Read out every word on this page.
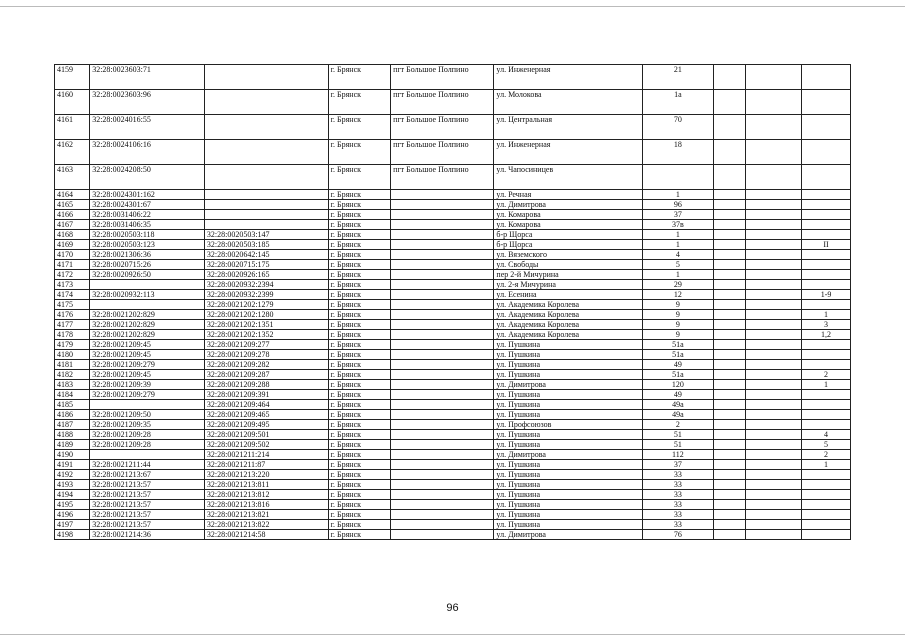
4159	32:28:0023603:71		г. Брянск	пгт Большое Полпино	ул. Инженерная	21			
4160	32:28:0023603:96		г. Брянск	пгт Большое Полпино	ул. Молокова	1а			
4161	32:28:0024016:55		г. Брянск	пгт Большое Полпино	ул. Центральная	70			
4162	32:28:0024106:16		г. Брянск	пгт Большое Полпино	ул. Инженерная	18			
4163	32:28:0024208:50		г. Брянск	пгт Большое Полпино	ул. Чапосиницев				
4164	32:28:0024301:162		г. Брянск		ул. Речная	1			
4165	32:28:0024301:67		г. Брянск		ул. Димитрова	96			
4166	32:28:0031406:22		г. Брянск		ул. Комарова	37			
4167	32:28:0031406:35		г. Брянск		ул. Комарова	37в			
4168	32:28:0020503:118	32:28:0020503:147	г. Брянск		б-р Щорса	1			
4169	32:28:0020503:123	32:28:0020503:185	г. Брянск		б-р Щорса	1			II
4170	32:28:0021306:36	32:28:0020642:145	г. Брянск		ул. Вяземского	4			
4171	32:28:0020715:26	32:28:0020715:175	г. Брянск		ул. Свободы	5			
4172	32:28:0020926:50	32:28:0020926:165	г. Брянск		пер 2-й Мичурина	1			
4173		32:28:0020932:2394	г. Брянск		ул. 2-я Мичурина	29			
4174	32:28:0020932:113	32:28:0020932:2399	г. Брянск		ул. Есенина	12			1-9
4175		32:28:0021202:1279	г. Брянск		ул. Академика Королева	9			
4176	32:28:0021202:829	32:28:0021202:1280	г. Брянск		ул. Академика Королева	9			1
4177	32:28:0021202:829	32:28:0021202:1351	г. Брянск		ул. Академика Королева	9			3
4178	32:28:0021202:829	32:28:0021202:1352	г. Брянск		ул. Академика Королева	9			1,2
4179	32:28:0021209:45	32:28:0021209:277	г. Брянск		ул. Пушкина	51а			
4180	32:28:0021209:45	32:28:0021209:278	г. Брянск		ул. Пушкина	51а			
4181	32:28:0021209:279	32:28:0021209:282	г. Брянск		ул. Пушкина	49			
4182	32:28:0021209:45	32:28:0021209:287	г. Брянск		ул. Пушкина	51а			2
4183	32:28:0021209:39	32:28:0021209:288	г. Брянск		ул. Димитрова	120			1
4184	32:28:0021209:279	32:28:0021209:391	г. Брянск		ул. Пушкина	49			
4185		32:28:0021209:464	г. Брянск		ул. Пушкина	49а			
4186	32:28:0021209:50	32:28:0021209:465	г. Брянск		ул. Пушкина	49а			
4187	32:28:0021209:35	32:28:0021209:495	г. Брянск		ул. Профсоюзов	2			
4188	32:28:0021209:28	32:28:0021209:501	г. Брянск		ул. Пушкина	51			4
4189	32:28:0021209:28	32:28:0021209:502	г. Брянск		ул. Пушкина	51			5
4190		32:28:0021211:214	г. Брянск		ул. Димитрова	112			2
4191	32:28:0021211:44	32:28:0021211:87	г. Брянск		ул. Пушкина	37			1
4192	32:28:0021213:67	32:28:0021213:220	г. Брянск		ул. Пушкина	33			
4193	32:28:0021213:57	32:28:0021213:811	г. Брянск		ул. Пушкина	33			
4194	32:28:0021213:57	32:28:0021213:812	г. Брянск		ул. Пушкина	33			
4195	32:28:0021213:57	32:28:0021213:816	г. Брянск		ул. Пушкина	33			
4196	32:28:0021213:57	32:28:0021213:821	г. Брянск		ул. Пушкина	33			
4197	32:28:0021213:57	32:28:0021213:822	г. Брянск		ул. Пушкина	33			
4198	32:28:0021214:36	32:28:0021214:58	г. Брянск		ул. Димитрова	76			
96
